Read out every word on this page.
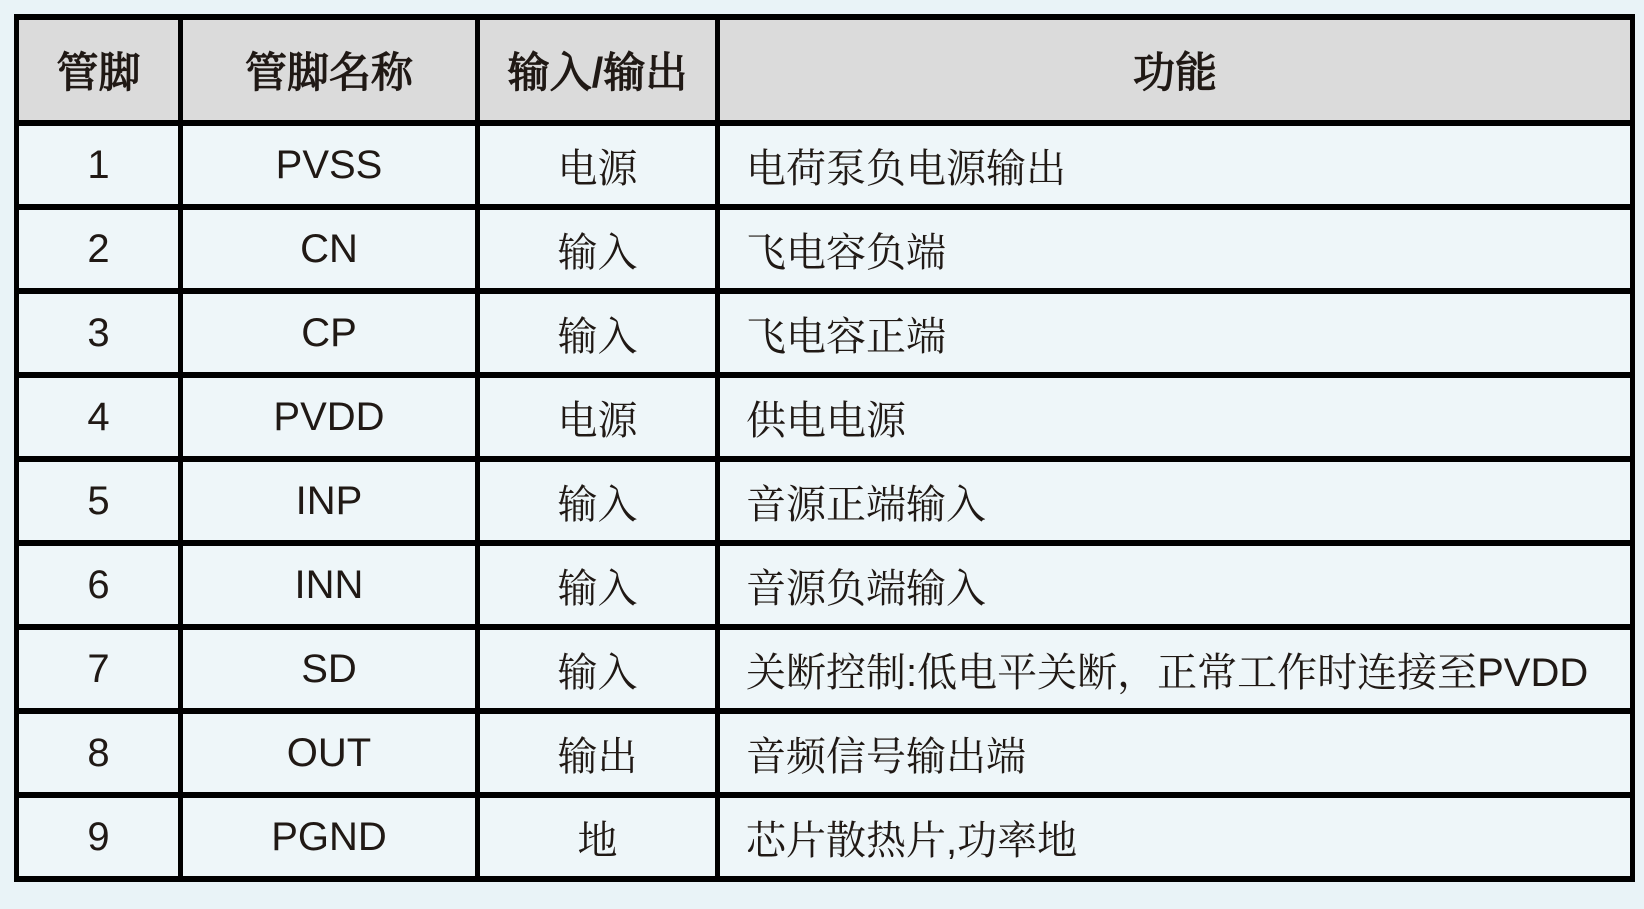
管脚	管脚名称	输入/输出	功能
1	PVSS	电源	电荷泵负电源输出
2	CN	输入	飞电容负端
3	CP	输入	飞电容正端
4	PVDD	电源	供电电源
5	INP	输入	音源正端输入
6	INN	输入	音源负端输入
7	SD	输入	关断控制:低电平关断，正常工作时连接至PVDD
8	OUT	输出	音频信号输出端
9	PGND	地	芯片散热片,功率地
